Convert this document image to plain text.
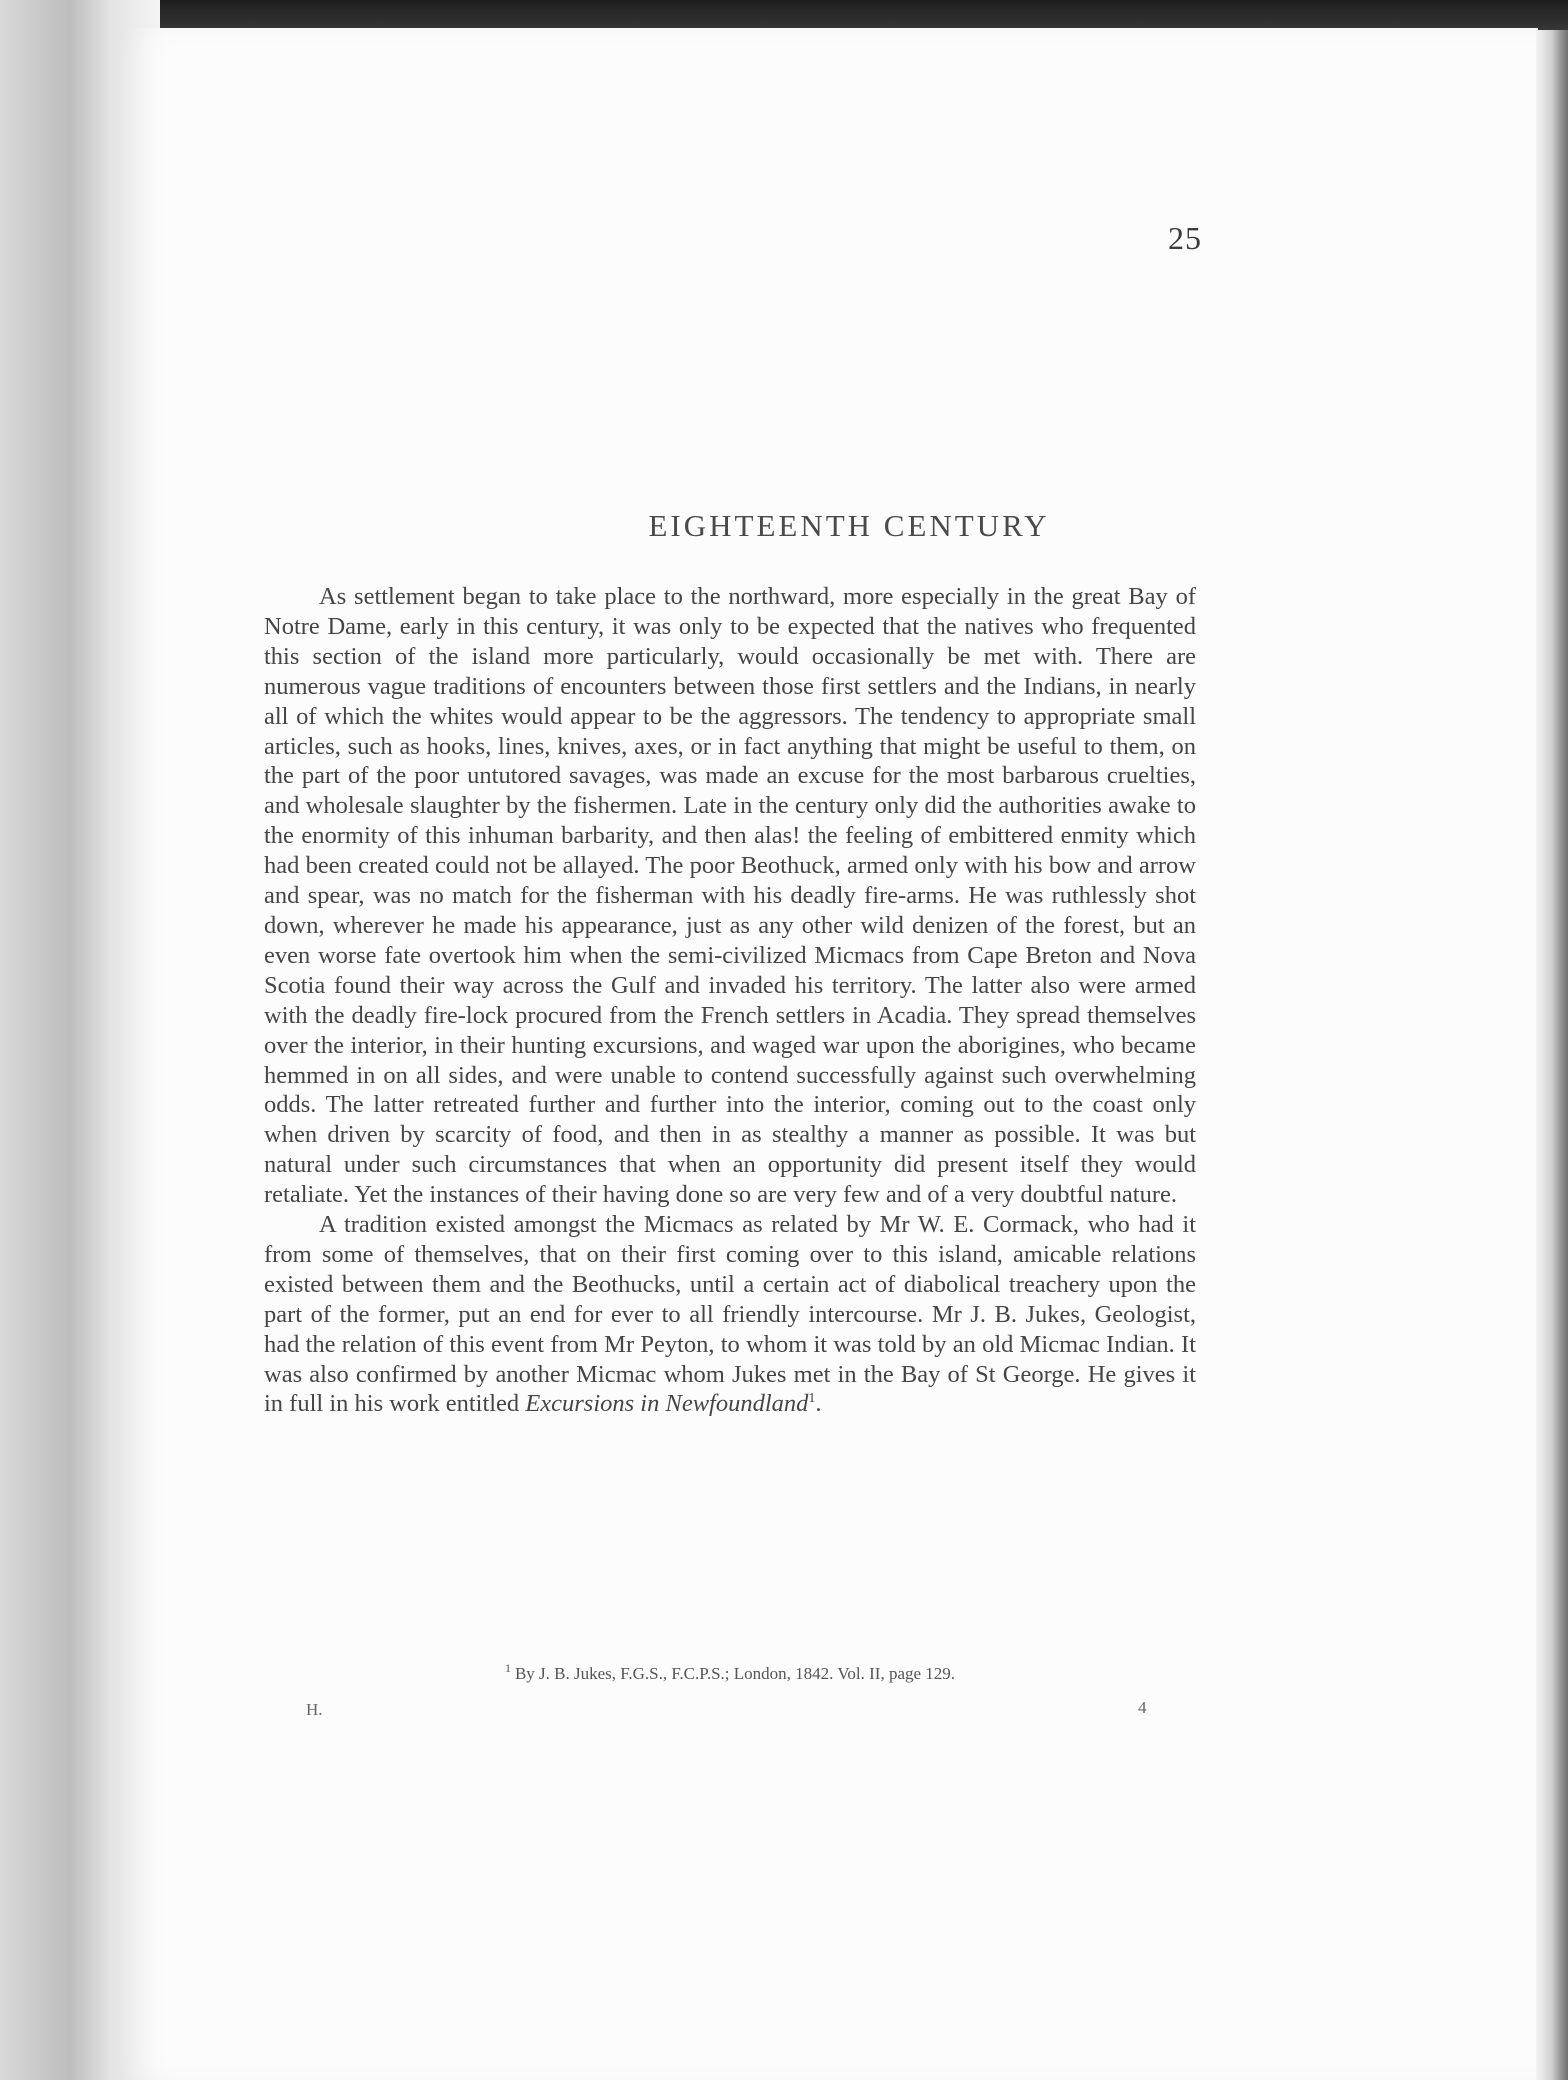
25
EIGHTEENTH CENTURY

As settlement began to take place to the northward, more especially in the great Bay of Notre Dame, early in this century, it was only to be expected that the natives who frequented this section of the island more particularly, would occasionally be met with. There are numerous vague traditions of encounters between those first settlers and the Indians, in nearly all of which the whites would appear to be the aggressors. The tendency to appropriate small articles, such as hooks, lines, knives, axes, or in fact anything that might be useful to them, on the part of the poor untutored savages, was made an excuse for the most barbarous cruelties, and wholesale slaughter by the fishermen. Late in the century only did the authorities awake to the enormity of this inhuman barbarity, and then alas! the feeling of embittered enmity which had been created could not be allayed. The poor Beothuck, armed only with his bow and arrow and spear, was no match for the fisherman with his deadly fire-arms. He was ruthlessly shot down, wherever he made his appearance, just as any other wild denizen of the forest, but an even worse fate overtook him when the semi-civilized Micmacs from Cape Breton and Nova Scotia found their way across the Gulf and invaded his territory. The latter also were armed with the deadly fire-lock procured from the French settlers in Acadia. They spread themselves over the interior, in their hunting excursions, and waged war upon the aborigines, who became hemmed in on all sides, and were unable to contend successfully against such overwhelming odds. The latter retreated further and further into the interior, coming out to the coast only when driven by scarcity of food, and then in as stealthy a manner as possible. It was but natural under such circumstances that when an opportunity did present itself they would retaliate. Yet the instances of their having done so are very few and of a very doubtful nature.

A tradition existed amongst the Micmacs as related by Mr W. E. Cormack, who had it from some of themselves, that on their first coming over to this island, amicable relations existed between them and the Beothucks, until a certain act of diabolical treachery upon the part of the former, put an end for ever to all friendly intercourse. Mr J. B. Jukes, Geologist, had the relation of this event from Mr Peyton, to whom it was told by an old Micmac Indian. It was also confirmed by another Micmac whom Jukes met in the Bay of St George. He gives it in full in his work entitled Excursions in Newfoundland$^1$.

$^1$ By J. B. Jukes, F.G.S., F.C.P.S.; London, 1842. Vol. II, page 129.
H.	4
